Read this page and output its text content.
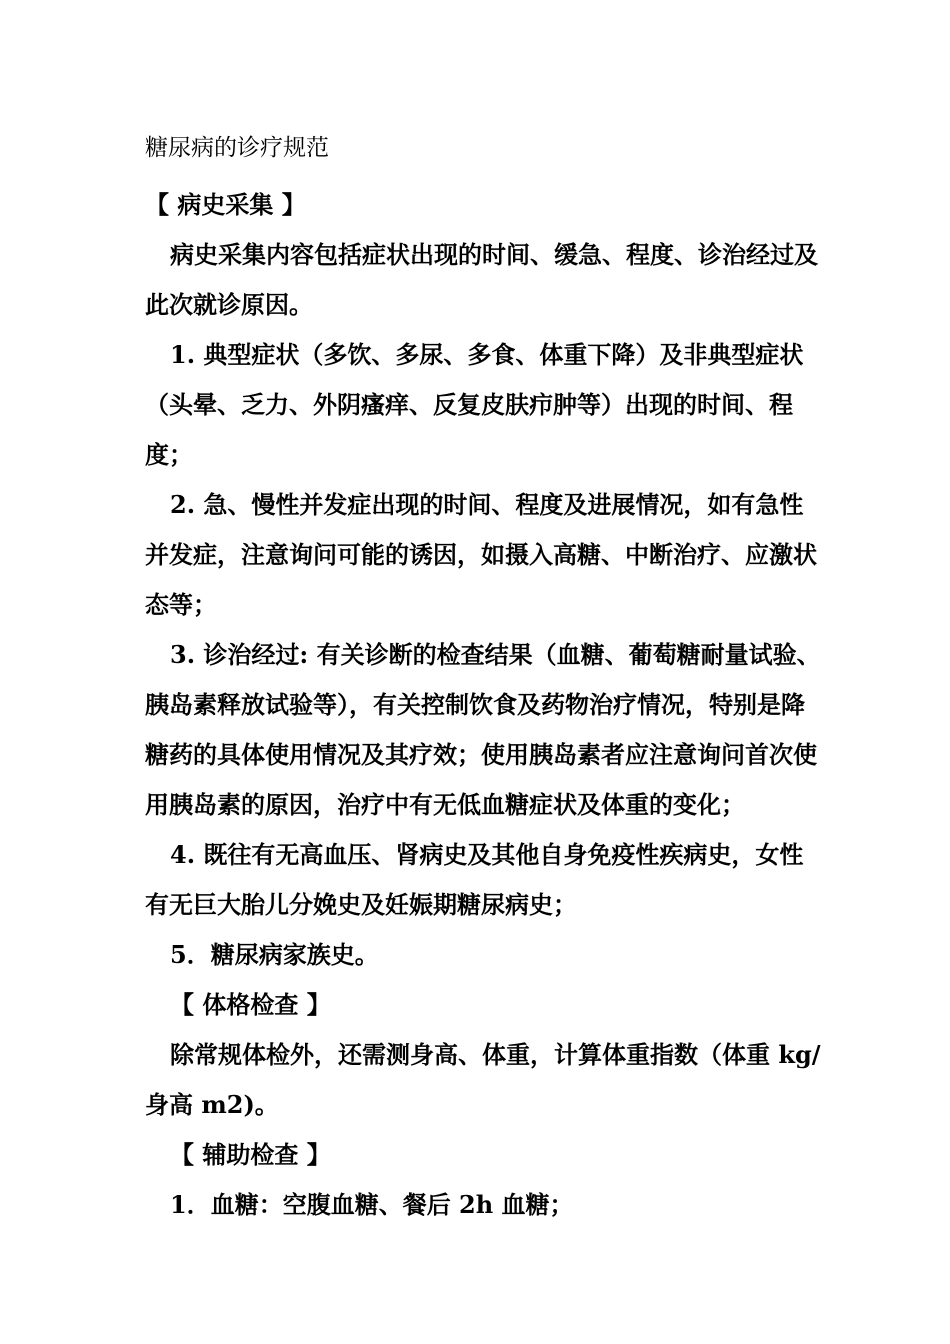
糖尿病的诊疗规范
【 病史采集 】

病史采集内容包括症状出现的时间、缓急、程度、诊治经过及此次就诊原因。

1. 典型症状（多饮、多尿、多食、体重下降）及非典型症状（头晕、乏力、外阴瘙痒、反复皮肤疖肿等）出现的时间、程度；

2. 急、慢性并发症出现的时间、程度及进展情况，如有急性并发症，注意询问可能的诱因，如摄入高糖、中断治疗、应激状态等；

3. 诊治经过: 有关诊断的检查结果（血糖、葡萄糖耐量试验、胰岛素释放试验等），有关控制饮食及药物治疗情况，特别是降糖药的具体使用情况及其疗效；使用胰岛素者应注意询问首次使用胰岛素的原因，治疗中有无低血糖症状及体重的变化；

4. 既往有无高血压、肾病史及其他自身免疫性疾病史，女性有无巨大胎儿分娩史及妊娠期糖尿病史；

5．糖尿病家族史。

【 体格检查 】

除常规体检外，还需测身高、体重，计算体重指数（体重 kg/身高 m2)。

【 辅助检查 】

1．血糖：空腹血糖、餐后 2h 血糖；
